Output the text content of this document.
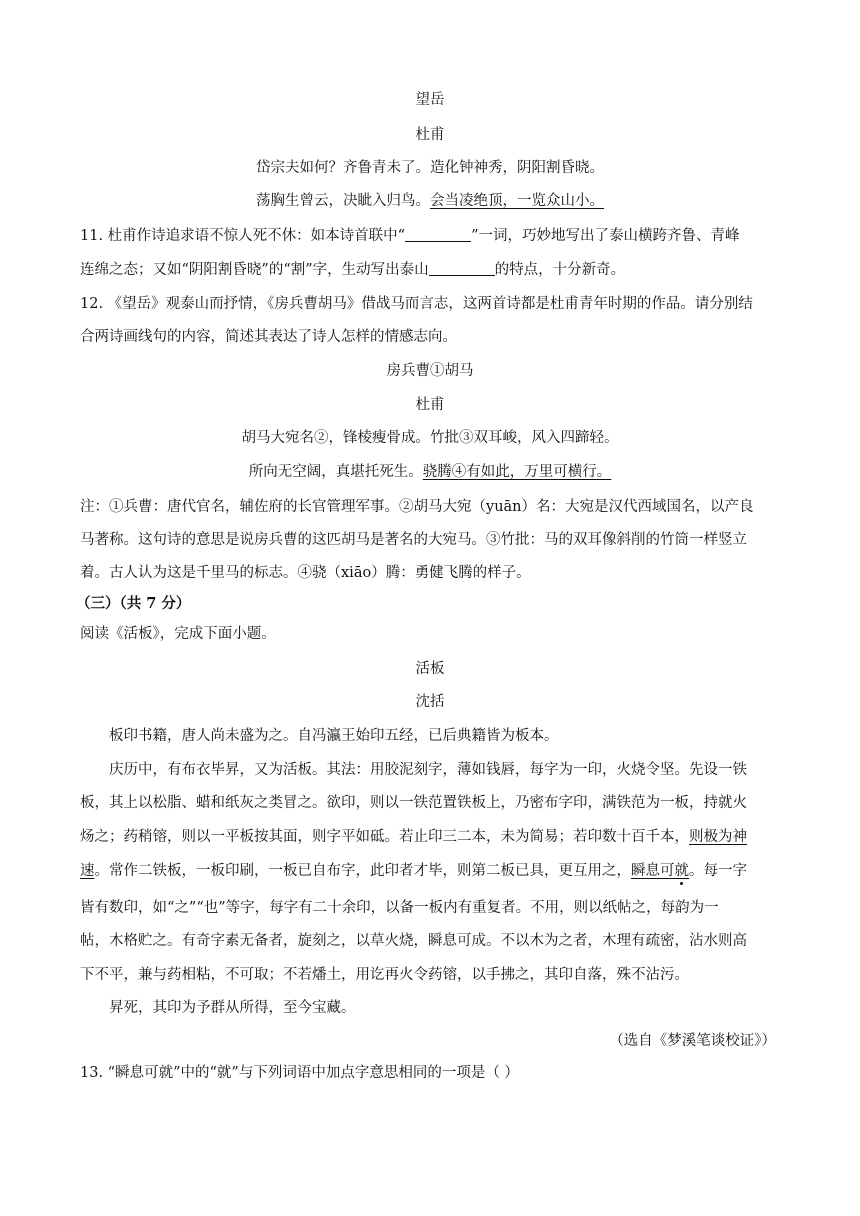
望岳
杜甫
岱宗夫如何？齐鲁青未了。造化钟神秀，阴阳割昏晓。
荡胸生曾云，决眦入归鸟。会当凌绝顶，一览众山小。
11. 杜甫作诗追求语不惊人死不休：如本诗首联中“	”一词，巧妙地写出了泰山横跨齐鲁、青峰
连绵之态；又如“阴阳割昏晓”的“割”字，生动写出泰山	的特点，十分新奇。
12. 《望岳》观泰山而抒情，《房兵曹胡马》借战马而言志，这两首诗都是杜甫青年时期的作品。请分别结
合两诗画线句的内容，简述其表达了诗人怎样的情感志向。
房兵曹①胡马
杜甫
胡马大宛名②，锋棱瘦骨成。竹批③双耳峻，风入四蹄轻。
所向无空阔，真堪托死生。骁腾④有如此，万里可横行。
注：①兵曹：唐代官名，辅佐府的长官管理军事。②胡马大宛（yuān）名：大宛是汉代西域国名，以产良
马著称。这句诗的意思是说房兵曹的这匹胡马是著名的大宛马。③竹批：马的双耳像斜削的竹筒一样竖立
着。古人认为这是千里马的标志。④骁（xiāo）腾：勇健飞腾的样子。
（三）（共 7 分）
阅读《活板》，完成下面小题。
活板
沈括
板印书籍，唐人尚未盛为之。自冯瀛王始印五经，已后典籍皆为板本。
庆历中，有布衣毕昇，又为活板。其法：用胶泥刻字，薄如钱唇，每字为一印，火烧令坚。先设一铁
板，其上以松脂、蜡和纸灰之类冒之。欲印，则以一铁范置铁板上，乃密布字印，满铁范为一板，持就火
炀之；药稍镕，则以一平板按其面，则字平如砥。若止印三二本，未为简易；若印数十百千本，则极为神
速。常作二铁板，一板印刷，一板已自布字，此印者才毕，则第二板已具，更互用之，瞬息可就。每一字
皆有数印，如“之”“也”等字，每字有二十余印，以备一板内有重复者。不用，则以纸帖之，每韵为一
帖，木格贮之。有奇字素无备者，旋刻之，以草火烧，瞬息可成。不以木为之者，木理有疏密，沾水则高
下不平，兼与药相粘，不可取；不若燔土，用讫再火令药镕，以手拂之，其印自落，殊不沾污。
昇死，其印为予群从所得，至今宝藏。
（选自《梦溪笔谈校证》）
13. “瞬息可就”中的“就”与下列词语中加点字意思相同的一项是（ ）
